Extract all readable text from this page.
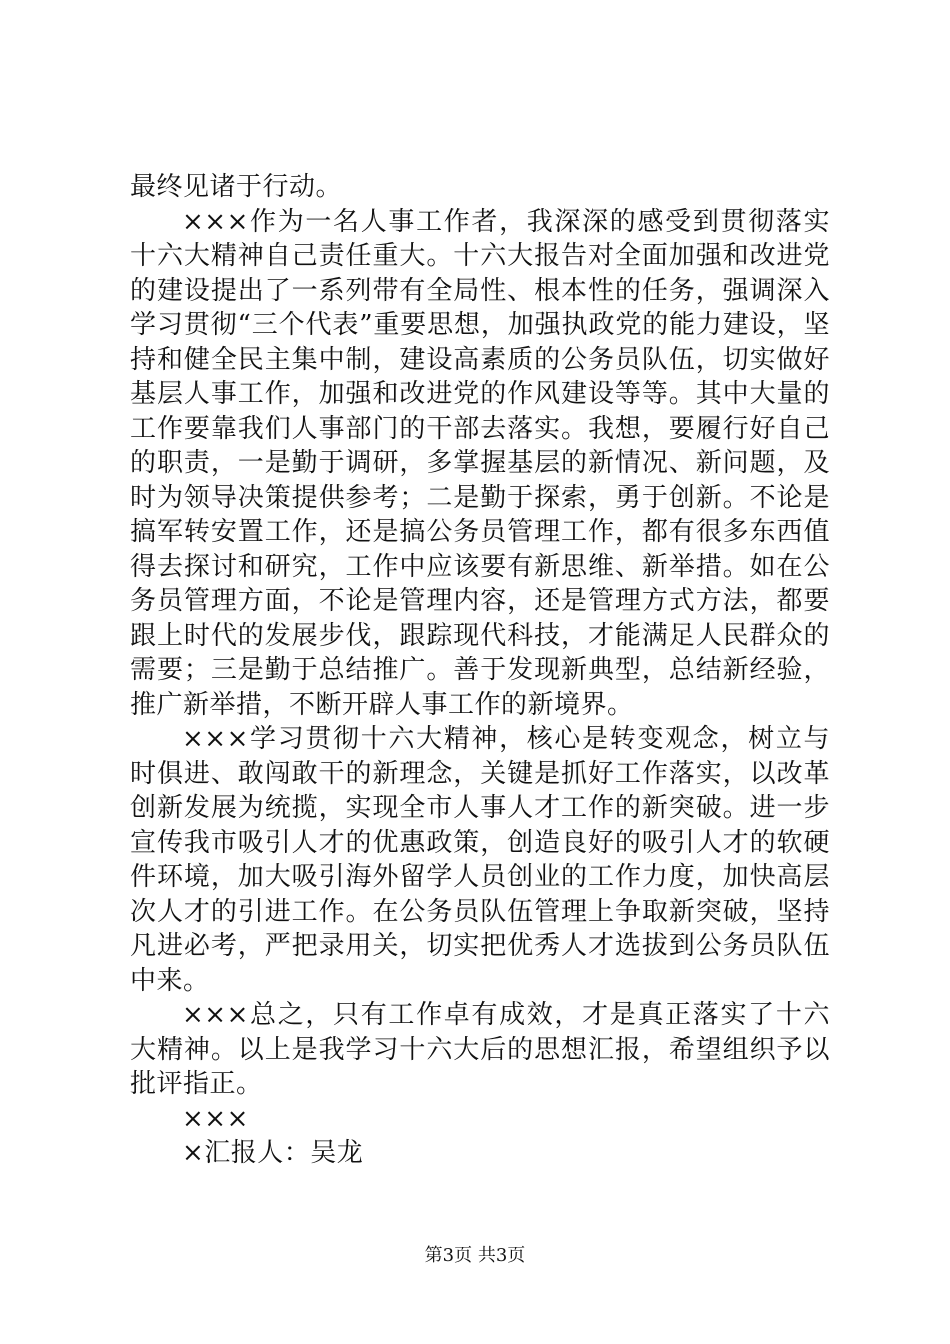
最终见诸于行动。

×××作为一名人事工作者，我深深的感受到贯彻落实十六大精神自己责任重大。十六大报告对全面加强和改进党的建设提出了一系列带有全局性、根本性的任务，强调深入学习贯彻“三个代表”重要思想，加强执政党的能力建设，坚持和健全民主集中制，建设高素质的公务员队伍，切实做好基层人事工作，加强和改进党的作风建设等等。其中大量的工作要靠我们人事部门的干部去落实。我想，要履行好自己的职责，一是勤于调研，多掌握基层的新情况、新问题，及时为领导决策提供参考；二是勤于探索，勇于创新。不论是搞军转安置工作，还是搞公务员管理工作，都有很多东西值得去探讨和研究，工作中应该要有新思维、新举措。如在公务员管理方面，不论是管理内容，还是管理方式方法，都要跟上时代的发展步伐，跟踪现代科技，才能满足人民群众的需要；三是勤于总结推广。善于发现新典型，总结新经验，推广新举措，不断开辟人事工作的新境界。

×××学习贯彻十六大精神，核心是转变观念，树立与时俱进、敢闯敢干的新理念，关键是抓好工作落实，以改革创新发展为统揽，实现全市人事人才工作的新突破。进一步宣传我市吸引人才的优惠政策，创造良好的吸引人才的软硬件环境，加大吸引海外留学人员创业的工作力度，加快高层次人才的引进工作。在公务员队伍管理上争取新突破，坚持凡进必考，严把录用关，切实把优秀人才选拔到公务员队伍中来。

×××总之，只有工作卓有成效，才是真正落实了十六大精神。以上是我学习十六大后的思想汇报，希望组织予以批评指正。

×××

×汇报人：吴龙

第3页 共3页
